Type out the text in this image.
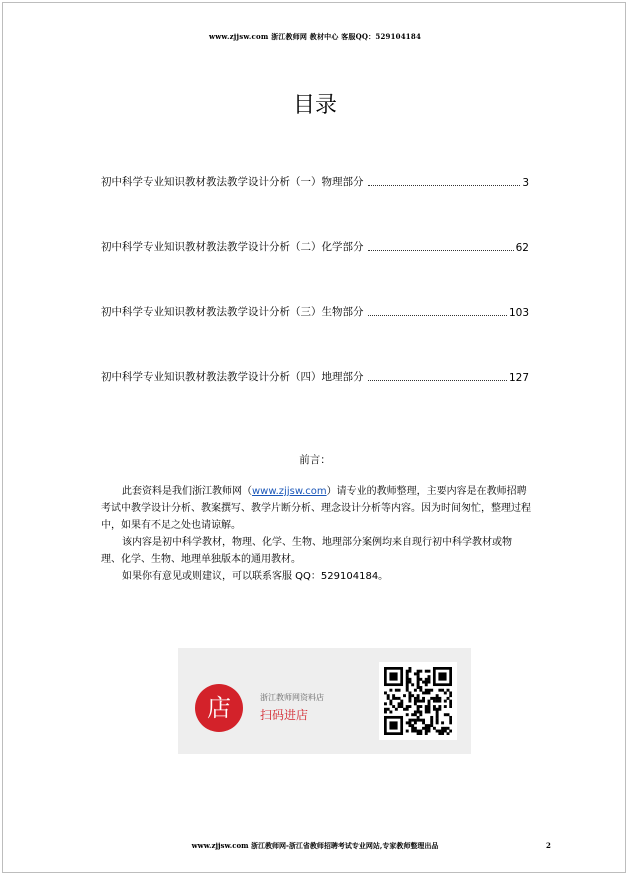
www.zjjsw.com 浙江教师网 教材中心 客服QQ：529104184
目录
初中科学专业知识教材教法教学设计分析（一）物理部分	3
初中科学专业知识教材教法教学设计分析（二）化学部分	62
初中科学专业知识教材教法教学设计分析（三）生物部分	103
初中科学专业知识教材教法教学设计分析（四）地理部分	127
前言：

此套资料是我们浙江教师网（www.zjjsw.com）请专业的教师整理，主要内容是在教师招聘考试中教学设计分析、教案撰写、教学片断分析、理念设计分析等内容。因为时间匆忙，整理过程中，如果有不足之处也请谅解。

该内容是初中科学教材，物理、化学、生物、地理部分案例均来自现行初中科学教材或物理、化学、生物、地理单独版本的通用教材。

如果你有意见或则建议，可以联系客服 QQ：529104184。

店	浙江教师网资料店
扫码进店
www.zjjsw.com 浙江教师网-浙江省教师招聘考试专业网站,专家教师整理出品	2
